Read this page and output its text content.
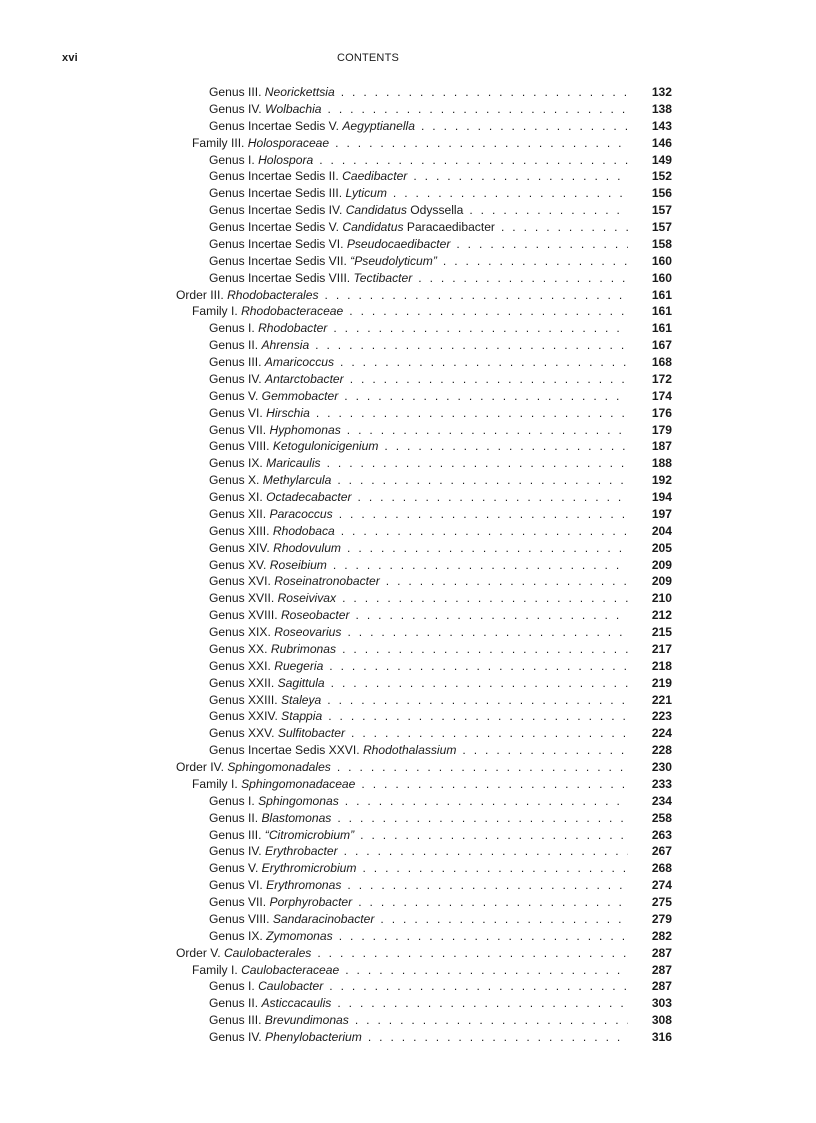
xvi	CONTENTS
Genus III. Neorickettsia . . .	132
Genus IV. Wolbachia . . .	138
Genus Incertae Sedis V. Aegyptianella . . .	143
Family III. Holosporaceae . . .	146
Genus I. Holospora . . .	149
Genus Incertae Sedis II. Caedibacter . . .	152
Genus Incertae Sedis III. Lyticum . . .	156
Genus Incertae Sedis IV. Candidatus Odyssella . . .	157
Genus Incertae Sedis V. Candidatus Paracaedibacter . . .	157
Genus Incertae Sedis VI. Pseudocaedibacter . . .	158
Genus Incertae Sedis VII. “Pseudolyticum” . . .	160
Genus Incertae Sedis VIII. Tectibacter . . .	160
Order III. Rhodobacterales . . .	161
Family I. Rhodobacteraceae . . .	161
Genus I. Rhodobacter . . .	161
Genus II. Ahrensia . . .	167
Genus III. Amaricoccus . . .	168
Genus IV. Antarctobacter . . .	172
Genus V. Gemmobacter . . .	174
Genus VI. Hirschia . . .	176
Genus VII. Hyphomonas . . .	179
Genus VIII. Ketogulonicigenium . . .	187
Genus IX. Maricaulis . . .	188
Genus X. Methylarcula . . .	192
Genus XI. Octadecabacter . . .	194
Genus XII. Paracoccus . . .	197
Genus XIII. Rhodobaca . . .	204
Genus XIV. Rhodovulum . . .	205
Genus XV. Roseibium . . .	209
Genus XVI. Roseinatronobacter . . .	209
Genus XVII. Roseivivax . . .	210
Genus XVIII. Roseobacter . . .	212
Genus XIX. Roseovarius . . .	215
Genus XX. Rubrimonas . . .	217
Genus XXI. Ruegeria . . .	218
Genus XXII. Sagittula . . .	219
Genus XXIII. Staleya . . .	221
Genus XXIV. Stappia . . .	223
Genus XXV. Sulfitobacter . . .	224
Genus Incertae Sedis XXVI. Rhodothalassium . . .	228
Order IV. Sphingomonadales . . .	230
Family I. Sphingomonadaceae . . .	233
Genus I. Sphingomonas . . .	234
Genus II. Blastomonas . . .	258
Genus III. “Citromicrobium” . . .	263
Genus IV. Erythrobacter . . .	267
Genus V. Erythromicrobium . . .	268
Genus VI. Erythromonas . . .	274
Genus VII. Porphyrobacter . . .	275
Genus VIII. Sandaracinobacter . . .	279
Genus IX. Zymomonas . . .	282
Order V. Caulobacterales . . .	287
Family I. Caulobacteraceae . . .	287
Genus I. Caulobacter . . .	287
Genus II. Asticcacaulis . . .	303
Genus III. Brevundimonas . . .	308
Genus IV. Phenylobacterium . . .	316
